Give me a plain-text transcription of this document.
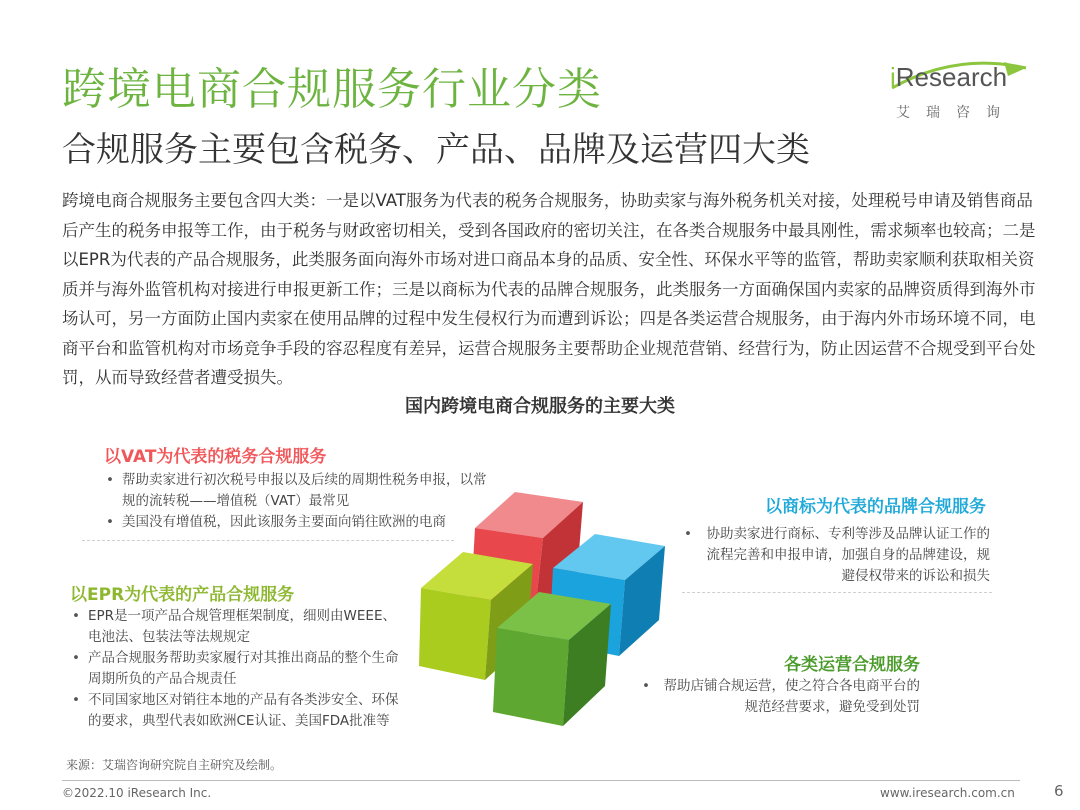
跨境电商合规服务行业分类
合规服务主要包含税务、产品、品牌及运营四大类
iResearch
艾瑞咨询
跨境电商合规服务主要包含四大类：一是以VAT服务为代表的税务合规服务，协助卖家与海外税务机关对接，处理税号申请及销售商品后产生的税务申报等工作，由于税务与财政密切相关，受到各国政府的密切关注，在各类合规服务中最具刚性，需求频率也较高；二是以EPR为代表的产品合规服务，此类服务面向海外市场对进口商品本身的品质、安全性、环保水平等的监管，帮助卖家顺利获取相关资质并与海外监管机构对接进行申报更新工作；三是以商标为代表的品牌合规服务，此类服务一方面确保国内卖家的品牌资质得到海外市场认可，另一方面防止国内卖家在使用品牌的过程中发生侵权行为而遭到诉讼；四是各类运营合规服务，由于海内外市场环境不同，电商平台和监管机构对市场竞争手段的容忍程度有差异，运营合规服务主要帮助企业规范营销、经营行为，防止因运营不合规受到平台处罚，从而导致经营者遭受损失。
国内跨境电商合规服务的主要大类
以VAT为代表的税务合规服务
• 帮助卖家进行初次税号申报以及后续的周期性税务申报，以常规的流转税——增值税（VAT）最常见
• 美国没有增值税，因此该服务主要面向销往欧洲的电商
以EPR为代表的产品合规服务
• EPR是一项产品合规管理框架制度，细则由WEEE、电池法、包装法等法规规定
• 产品合规服务帮助卖家履行对其推出商品的整个生命周期所负的产品合规责任
• 不同国家地区对销往本地的产品有各类涉安全、环保的要求，典型代表如欧洲CE认证、美国FDA批准等
以商标为代表的品牌合规服务
• 协助卖家进行商标、专利等涉及品牌认证工作的流程完善和申报申请，加强自身的品牌建设，规避侵权带来的诉讼和损失
各类运营合规服务
• 帮助店铺合规运营，使之符合各电商平台的规范经营要求，避免受到处罚
来源：艾瑞咨询研究院自主研究及绘制。
©2022.10 iResearch Inc.	www.iresearch.com.cn	6
